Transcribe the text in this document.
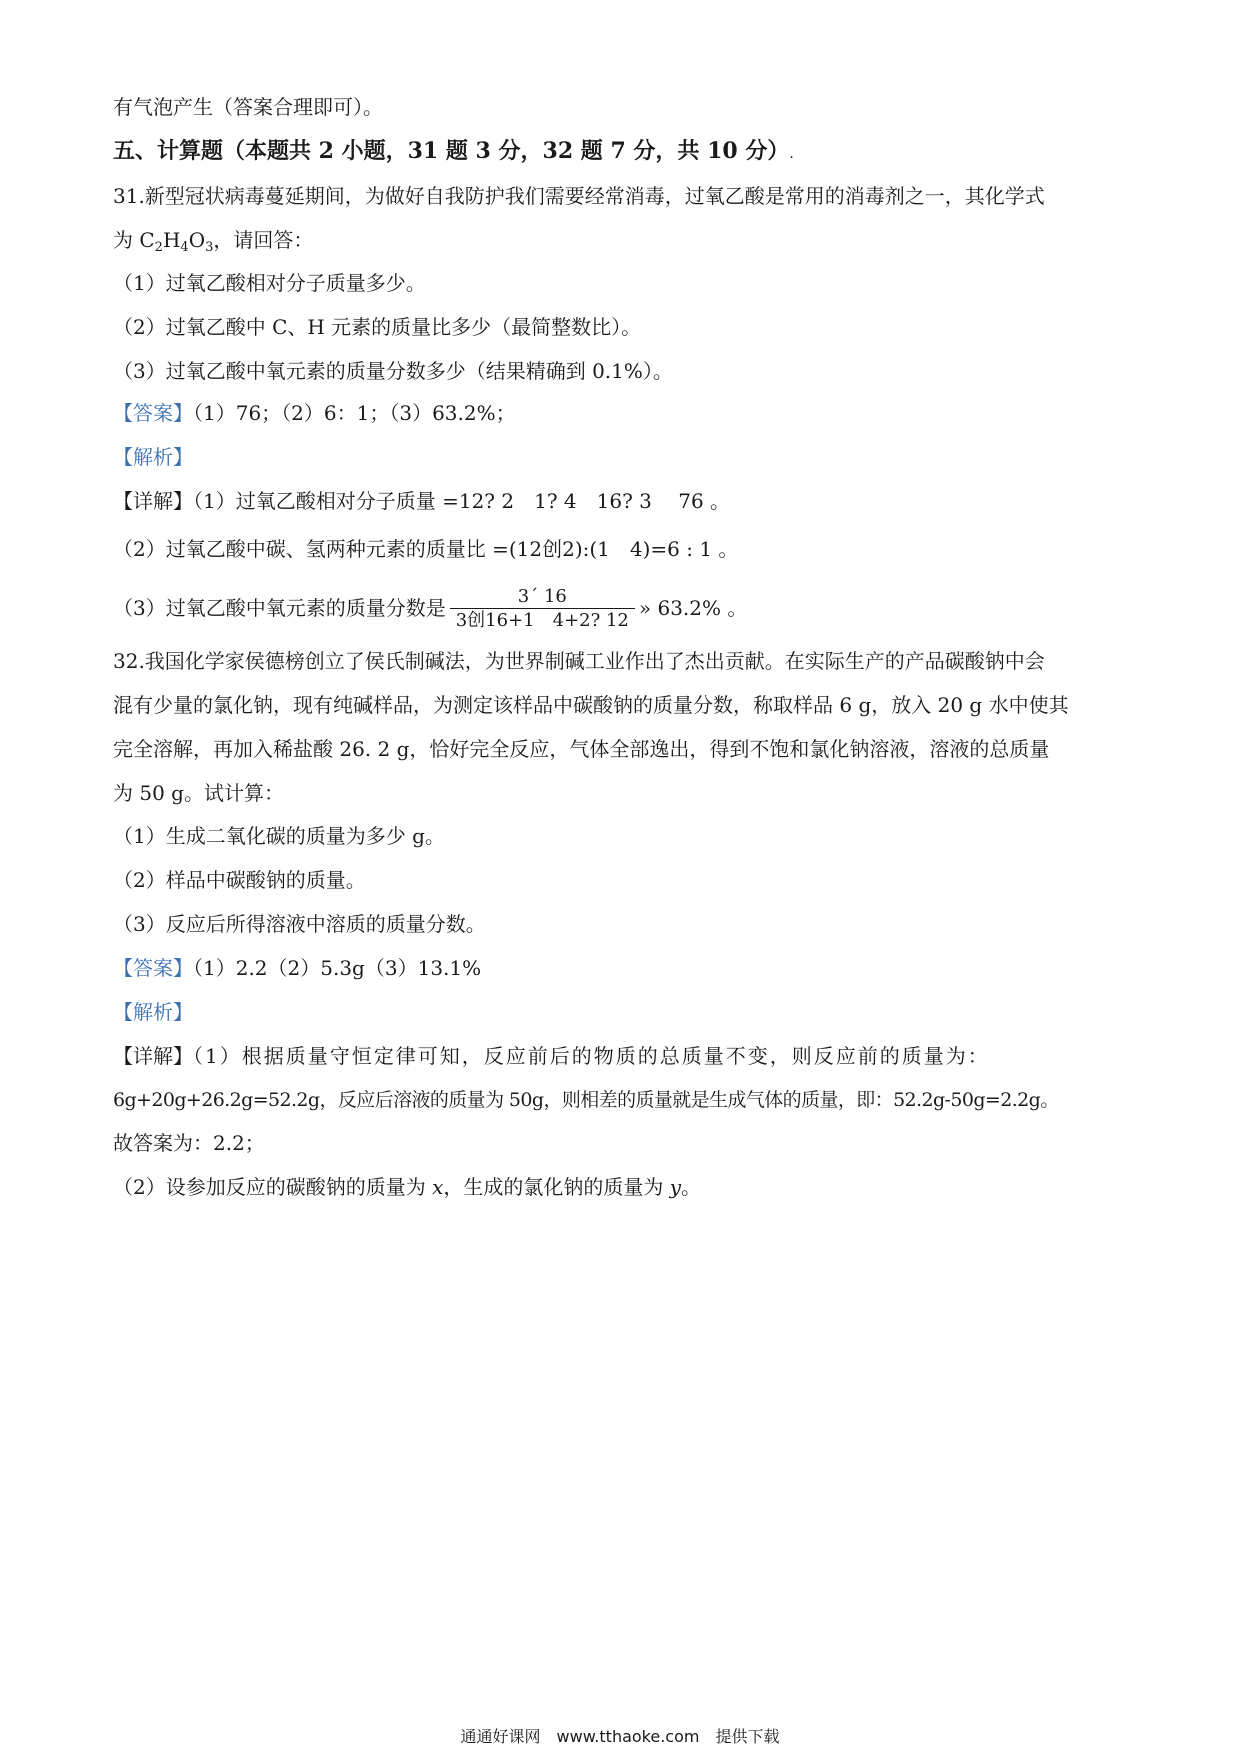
有气泡产生（答案合理即可）。
五、计算题（本题共 2 小题，31 题 3 分，32 题 7 分，共 10 分）.
31.新型冠状病毒蔓延期间，为做好自我防护我们需要经常消毒，过氧乙酸是常用的消毒剂之一，其化学式
为 $C_2H_4O_3$，请回答：
（1）过氧乙酸相对分子质量多少。
（2）过氧乙酸中 C、H 元素的质量比多少（最简整数比）。
（3）过氧乙酸中氧元素的质量分数多少（结果精确到 0.1%）。
【答案】（1）76；（2）6：1；（3）63.2%；
【解析】
【详解】（1）过氧乙酸相对分子质量 =12? 2　1? 4　16? 3　 76 。
（2）过氧乙酸中碳、氢两种元素的质量比 =(12创2):(1　4)=6 : 1 。
（3）过氧乙酸中氧元素的质量分数是 $\frac{3´ 16}{\text{3创16+1　4+2? 12}}$ » 63.2% 。
32.我国化学家侯德榜创立了侯氏制碱法，为世界制碱工业作出了杰出贡献。在实际生产的产品碳酸钠中会
混有少量的氯化钠，现有纯碱样品，为测定该样品中碳酸钠的质量分数，称取样品 6 g，放入 20 g 水中使其
完全溶解，再加入稀盐酸 26. 2 g，恰好完全反应，气体全部逸出，得到不饱和氯化钠溶液，溶液的总质量
为 50 g。试计算：
（1）生成二氧化碳的质量为多少 g。
（2）样品中碳酸钠的质量。
（3）反应后所得溶液中溶质的质量分数。
【答案】（1）2.2（2）5.3g（3）13.1%
【解析】
【详解】（1）根据质量守恒定律可知，反应前后的物质的总质量不变，则反应前的质量为：
6g+20g+26.2g=52.2g，反应后溶液的质量为 50g，则相差的质量就是生成气体的质量，即：52.2g-50g=2.2g。
故答案为：2.2；
（2）设参加反应的碳酸钠的质量为 x，生成的氯化钠的质量为 y。
通通好课网　www.tthaoke.com　提供下载
